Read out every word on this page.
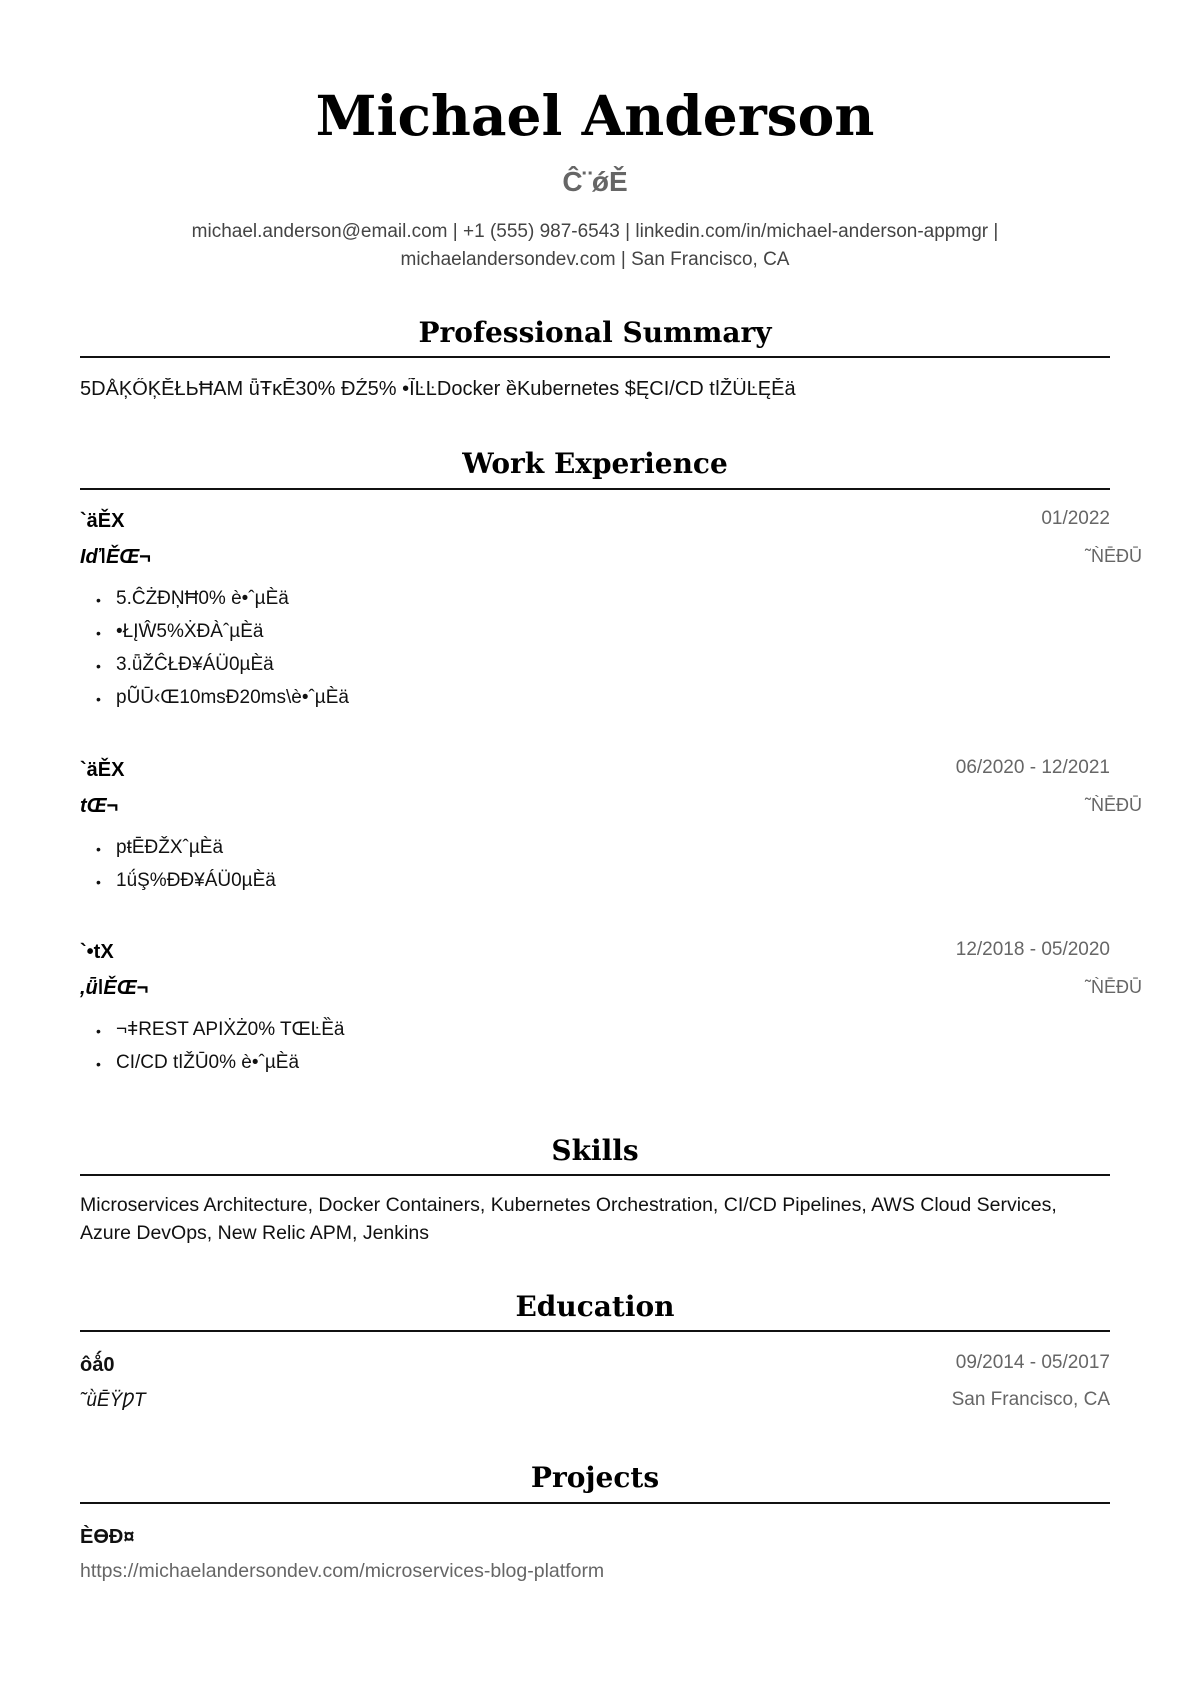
Michael Anderson
Ĉ¨ǿĚ
michael.anderson@email.com | +1 (555) 987-6543 | linkedin.com/in/michael-anderson-appmgr |
michaelandersondev.com | San Francisco, CA
Professional Summary
5DǺĶŐĶĔŁЬĦAM ǖŦĸĒ30% ĐŹ5% •ĨĿĿDocker ȅKubernetes $ĘCI/CD tǀŽȖĿĘĚä
Work Experience
`äĚX	01/2022
ƖďǀĚŒ¬	˜ǸĒĐŪ
• 5.ĈŻĐŅĦ0% è•ˆµÈä
• •ŁĮŴ5%ẊĐÀˆµÈä
• 3.ǖŽĈŁĐ¥ÁÜ0µÈä
• pŨŪ‹Œ10msĐ20ms\è•ˆµÈä
`äĚX	06/2020 - 12/2021
tŒ¬	˜ǸĒĐŪ
• pŧĒĐŽXˆµÈä
• 1ǘŞ%ĐĐ¥ÁÜ0µÈä
`•tX	12/2018 - 05/2020
,ǖǀĚŒ¬	˜ǸĒĐŪ
• ¬ǂREST APIẊŻ0% TŒĿȄä
• CI/CD tǀŽŪ0% è•ˆµÈä
Skills
Microservices Architecture, Docker Containers, Kubernetes Orchestration, CI/CD Pipelines, AWS Cloud Services, Azure DevOps, New Relic APM, Jenkins
Education
ôǻ0	09/2014 - 05/2017
˜ǜĒŸǷT	San Francisco, CA
Projects
ÈƟĐ¤
https://michaelandersondev.com/microservices-blog-platform
